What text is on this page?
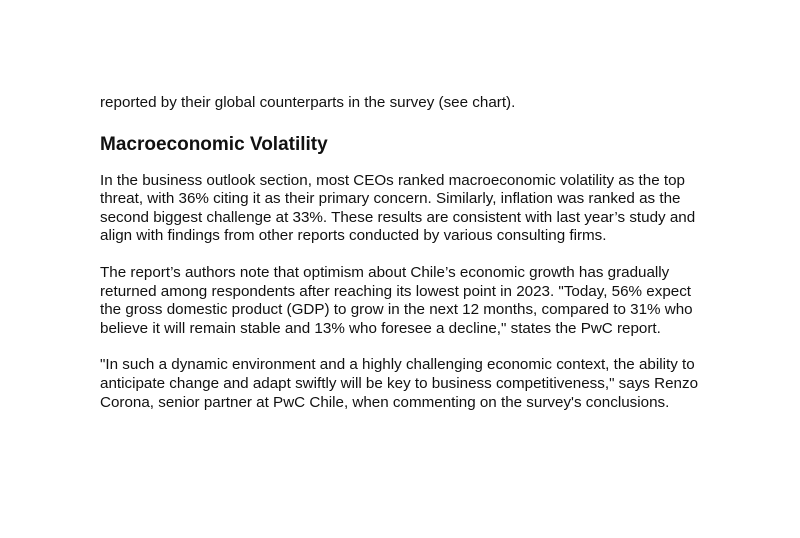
reported by their global counterparts in the survey (see chart).

Macroeconomic Volatility

In the business outlook section, most CEOs ranked macroeconomic volatility as the top threat, with 36% citing it as their primary concern. Similarly, inflation was ranked as the second biggest challenge at 33%. These results are consistent with last year’s study and align with findings from other reports conducted by various consulting firms.

The report’s authors note that optimism about Chile’s economic growth has gradually returned among respondents after reaching its lowest point in 2023. "Today, 56% expect the gross domestic product (GDP) to grow in the next 12 months, compared to 31% who believe it will remain stable and 13% who foresee a decline," states the PwC report.

"In such a dynamic environment and a highly challenging economic context, the ability to anticipate change and adapt swiftly will be key to business competitiveness," says Renzo Corona, senior partner at PwC Chile, when commenting on the survey's conclusions.
